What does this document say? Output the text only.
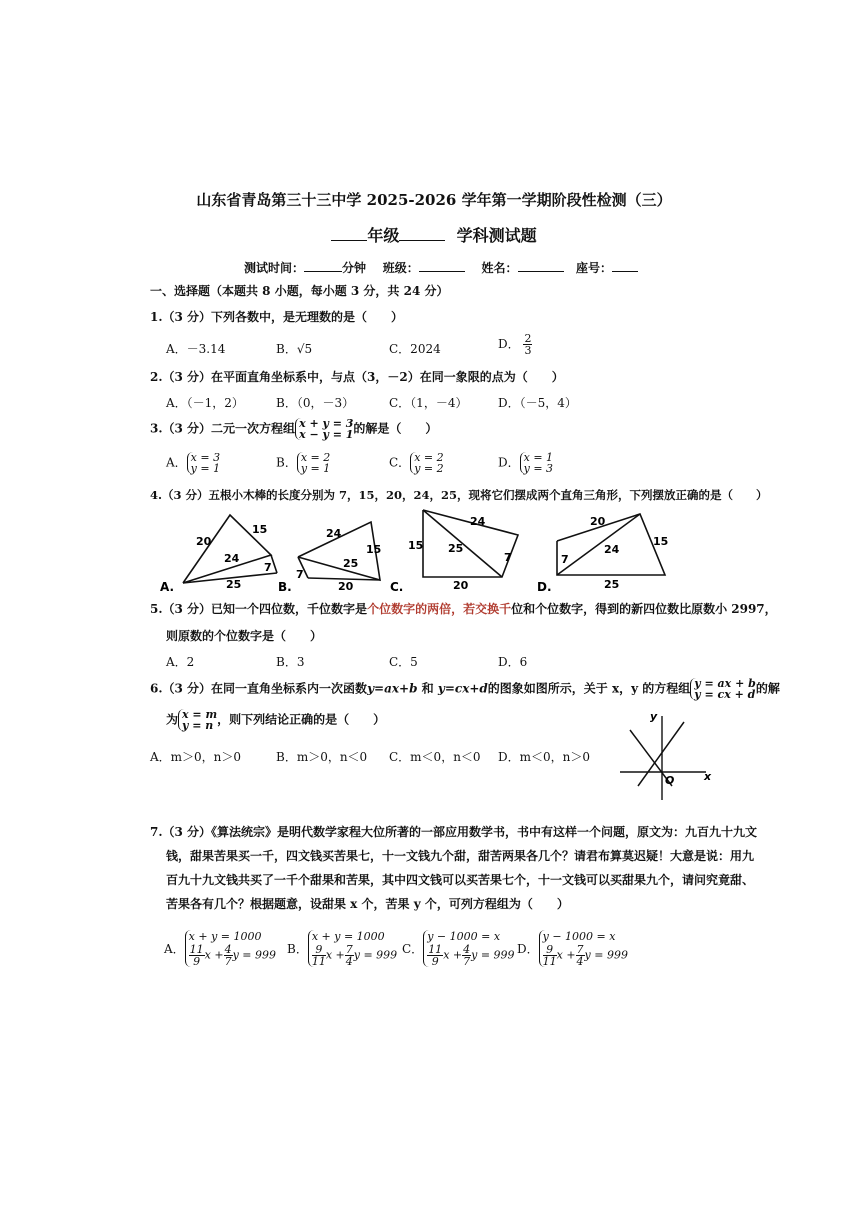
山东省青岛第三十三中学 2025-2026 学年第一学期阶段性检测（三）
年级	学科测试题
测试时间：	分钟 班级：	姓名：	座号：
一、选择题（本题共 8 小题，每小题 3 分，共 24 分）
1.（3 分）下列各数中，是无理数的是（　　）
A．－3.14	B．√5	C．2024	D． $\frac{2}{3}$
2.（3 分）在平面直角坐标系中，与点（3，－2）在同一象限的点为（　　）
A．（－1，2）	B．（0，－3）	C．（1，－4）	D．（－5，4）
3.（3 分）二元一次方程组 x + y = 3
x − y = 1的解是（　　）
A． x = 3
y = 1	B． x = 2
y = 1	C． x = 2
y = 2	D． x = 1
y = 3
4.（3 分）五根小木棒的长度分别为 7，15，20，24，25，现将它们摆成两个直角三角形，下列摆放正确的是（　　）
20
15
24
7
25
A.
24
15
25
7
20
B.
15
24
25
7
20
C.
20
15
7
24
25
D.
5.（3 分）已知一个四位数，千位数字是个位数字的两倍，若交换千位和个位数字，得到的新四位数比原数小 2997，
则原数的个位数字是（　　）
A．2	B．3	C．5	D．6
6.（3 分）在同一直角坐标系内一次函数y=ax+b 和 y=cx+d的图象如图所示，关于 x，y 的方程组 y = ax + b
y = cx + d的解
为 x = m
y = n ，则下列结论正确的是（　　）
A．m＞0，n＞0	B．m＞0，n＜0 C．m＜0，n＜0 D．m＜0，n＞0
y
x
O
7.（3 分）《算法统宗》是明代数学家程大位所著的一部应用数学书，书中有这样一个问题，原文为：九百九十九文
钱，甜果苦果买一千，四文钱买苦果七，十一文钱九个甜，甜苦两果各几个？请君布算莫迟疑！大意是说：用九
百九十九文钱共买了一千个甜果和苦果，其中四文钱可以买苦果七个，十一文钱可以买甜果九个，请问究竟甜、
苦果各有几个？根据题意，设甜果 x 个，苦果 y 个，可列方程组为（　　）
A．x + y = 1000

$\frac{11}{9}$ $x + \frac{4}{7}$ y = 999 B．x + y = 1000

$\frac{9}{11}$ $x + \frac{7}{4}$ y = 999 C．y − 1000 = x

$\frac{11}{9}$ $x + \frac{4}{7}$ y = 999 D．y − 1000 = x

$\frac{9}{11}$ $x + \frac{7}{4}$ y = 999
